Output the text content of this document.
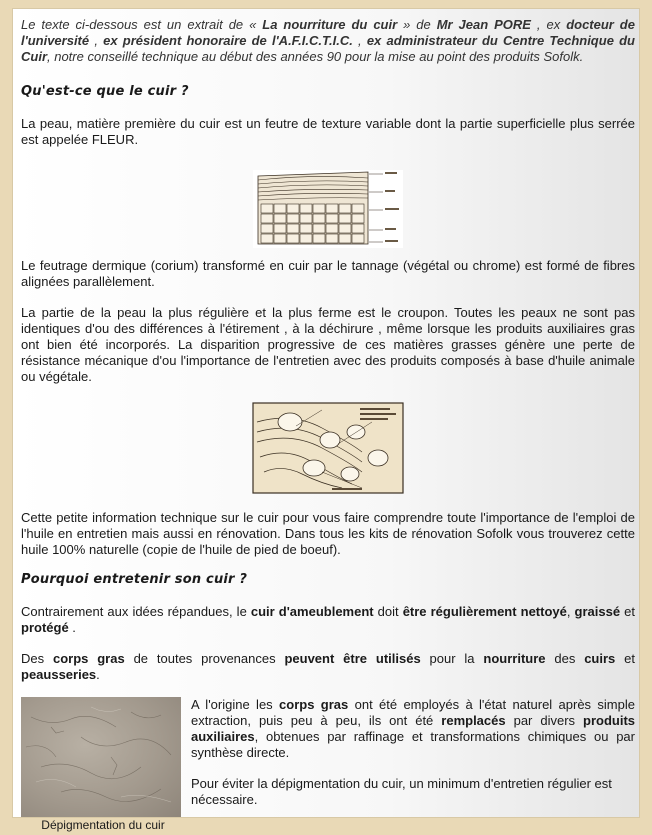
Le texte ci-dessous est un extrait de « La nourriture du cuir » de Mr Jean PORE , ex docteur de l'université , ex président honoraire de l'A.F.I.C.T.I.C. , ex administrateur du Centre Technique du Cuir, notre conseillé technique au début des années 90 pour la mise au point des produits Sofolk.

Qu'est-ce que le cuir ?

La peau, matière première du cuir est un feutre de texture variable dont la partie superficielle plus serrée est appelée FLEUR.

Le feutrage dermique (corium) transformé en cuir par le tannage (végétal ou chrome) est formé de fibres alignées parallèlement.

La partie de la peau la plus régulière et la plus ferme est le croupon. Toutes les peaux ne sont pas identiques d'ou des différences à l'étirement , à la déchirure , même lorsque les produits auxiliaires gras ont bien été incorporés. La disparition progressive de ces matières grasses génère une perte de résistance mécanique d'ou l'importance de l'entretien avec des produits composés à base d'huile animale ou végétale.

Cette petite information technique sur le cuir pour vous faire comprendre toute l'importance de l'emploi de l'huile en entretien mais aussi en rénovation. Dans tous les kits de rénovation Sofolk vous trouverez cette huile 100% naturelle (copie de l'huile de pied de boeuf).

Pourquoi entretenir son cuir ?

Contrairement aux idées répandues, le cuir d'ameublement doit être régulièrement nettoyé, graissé et protégé .

Des corps gras de toutes provenances peuvent être utilisés pour la nourriture des cuirs et peausseries.

Dépigmentation du cuir

A l'origine les corps gras ont été employés à l'état naturel après simple extraction, puis peu à peu, ils ont été remplacés par divers produits auxiliaires, obtenues par raffinage et transformations chimiques ou par synthèse directe.

Pour éviter la dépigmentation du cuir, un minimum d'entretien régulier est nécessaire.
